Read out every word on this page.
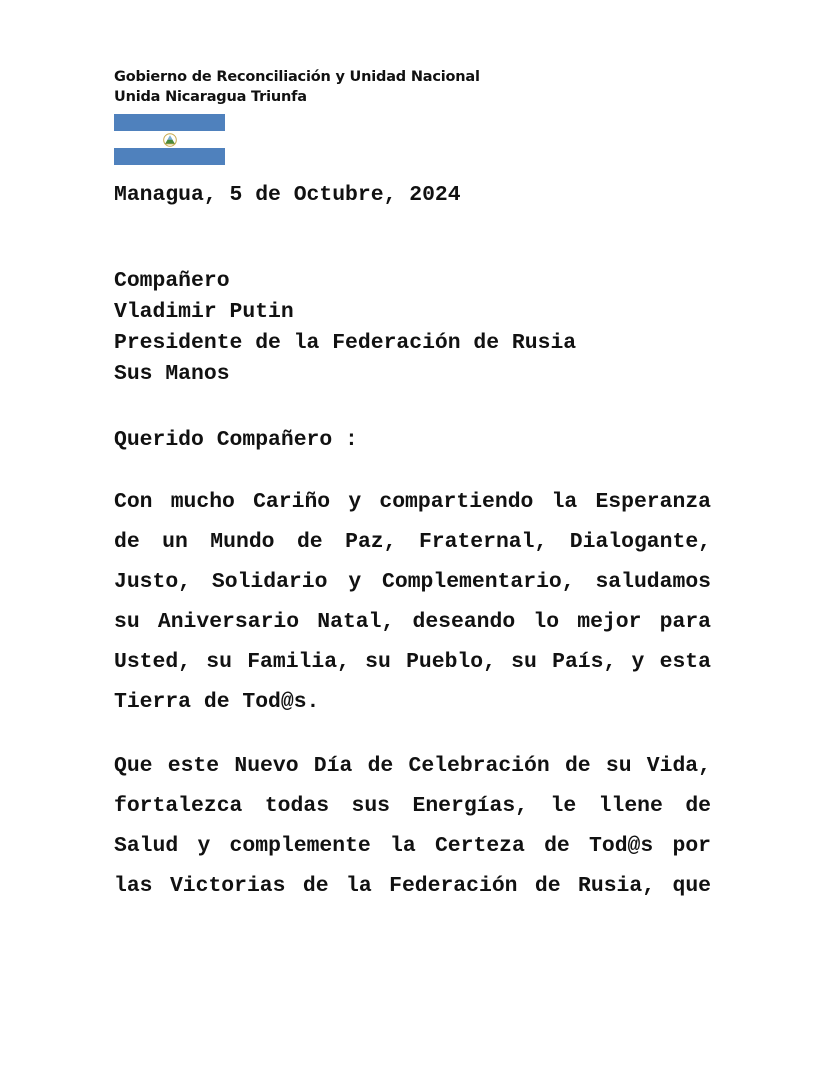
Gobierno de Reconciliación y Unidad Nacional
Unida Nicaragua Triunfa
Managua, 5 de Octubre, 2024
Compañero
Vladimir Putin
Presidente de la Federación de Rusia
Sus Manos
Querido Compañero :
Con mucho Cariño y compartiendo la Esperanza
de un Mundo de Paz, Fraternal, Dialogante,
Justo, Solidario y Complementario, saludamos
su Aniversario Natal, deseando lo mejor para
Usted, su Familia, su Pueblo, su País, y esta
Tierra de Tod@s.
Que este Nuevo Día de Celebración de su Vida,
fortalezca todas sus Energías, le llene de
Salud y complemente la Certeza de Tod@s por
las Victorias de la Federación de Rusia, que
